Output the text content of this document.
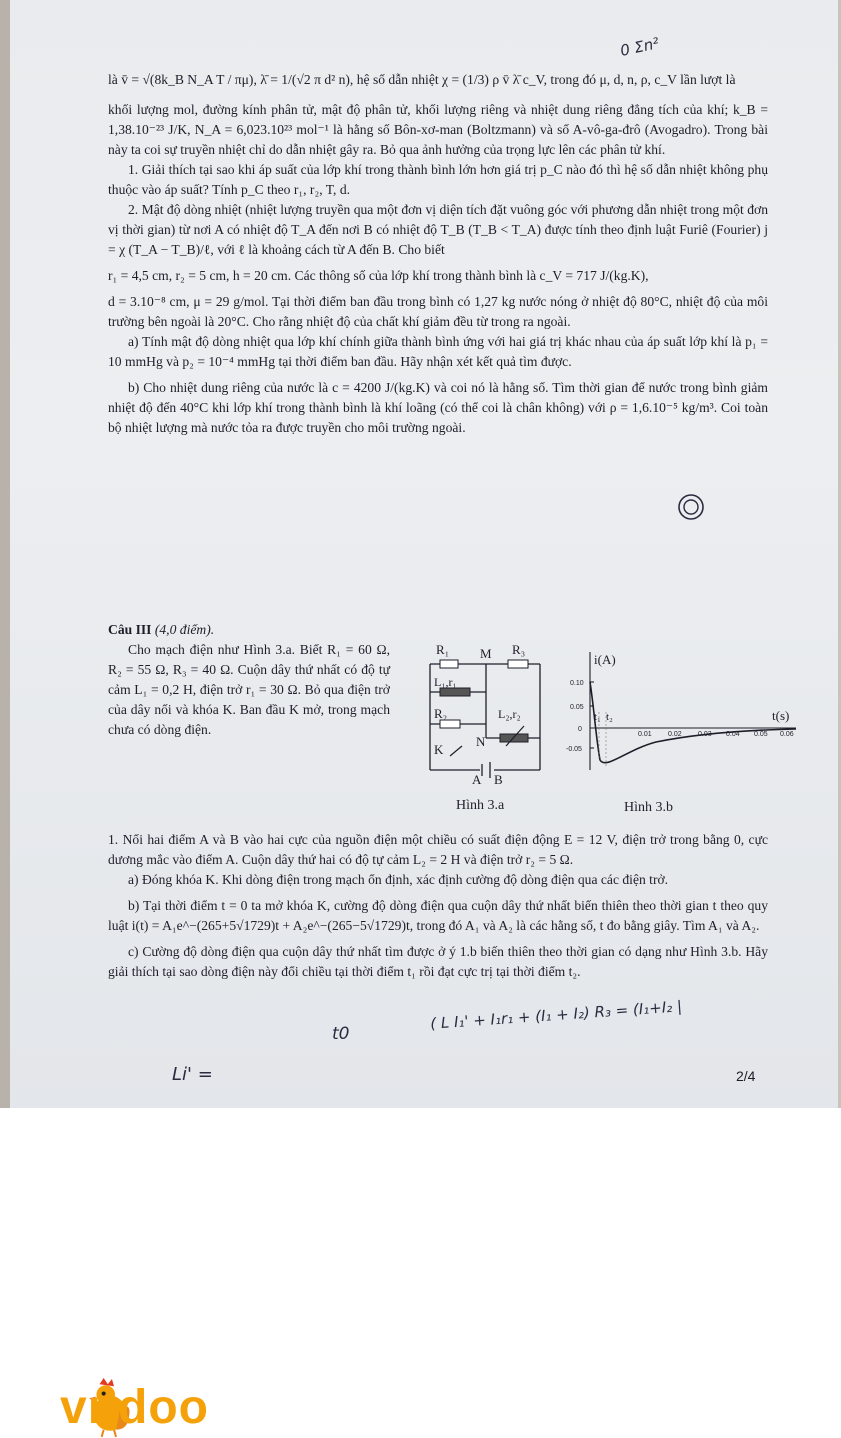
0 Σn²

là v̄ = √(8k_B N_A T / πμ), λ̄ = 1/(√2 π d² n), hệ số dẫn nhiệt χ = (1/3) ρ v̄ λ̄ c_V, trong đó μ, d, n, ρ, c_V lần lượt là

khối lượng mol, đường kính phân tử, mật độ phân tử, khối lượng riêng và nhiệt dung riêng đẳng tích của khí; k_B = 1,38.10⁻²³ J/K, N_A = 6,023.10²³ mol⁻¹ là hằng số Bôn-xơ-man (Boltzmann) và số A-vô-ga-đrô (Avogadro). Trong bài này ta coi sự truyền nhiệt chỉ do dẫn nhiệt gây ra. Bỏ qua ảnh hưởng của trọng lực lên các phân tử khí.

1. Giải thích tại sao khi áp suất của lớp khí trong thành bình lớn hơn giá trị p_C nào đó thì hệ số dẫn nhiệt không phụ thuộc vào áp suất? Tính p_C theo r₁, r₂, T, d.

2. Mật độ dòng nhiệt (nhiệt lượng truyền qua một đơn vị diện tích đặt vuông góc với phương dẫn nhiệt trong một đơn vị thời gian) từ nơi A có nhiệt độ T_A đến nơi B có nhiệt độ T_B (T_B < T_A) được tính theo định luật Furiê (Fourier) j = χ (T_A − T_B)/ℓ, với ℓ là khoảng cách từ A đến B. Cho biết

r₁ = 4,5 cm, r₂ = 5 cm, h = 20 cm. Các thông số của lớp khí trong thành bình là c_V = 717 J/(kg.K),

d = 3.10⁻⁸ cm, μ = 29 g/mol. Tại thời điểm ban đầu trong bình có 1,27 kg nước nóng ở nhiệt độ 80°C, nhiệt độ của môi trường bên ngoài là 20°C. Cho rằng nhiệt độ của chất khí giảm đều từ trong ra ngoài.

a) Tính mật độ dòng nhiệt qua lớp khí chính giữa thành bình ứng với hai giá trị khác nhau của áp suất lớp khí là p₁ = 10 mmHg và p₂ = 10⁻⁴ mmHg tại thời điểm ban đầu. Hãy nhận xét kết quả tìm được.

b) Cho nhiệt dung riêng của nước là c = 4200 J/(kg.K) và coi nó là hằng số. Tìm thời gian để nước trong bình giảm nhiệt độ đến 40°C khi lớp khí trong thành bình là khí loãng (có thể coi là chân không) với ρ = 1,6.10⁻⁵ kg/m³. Coi toàn bộ nhiệt lượng mà nước tỏa ra được truyền cho môi trường ngoài.

Câu III (4,0 điểm).

Cho mạch điện như Hình 3.a. Biết R₁ = 60 Ω, R₂ = 55 Ω, R₃ = 40 Ω. Cuộn dây thứ nhất có độ tự cảm L₁ = 0,2 H, điện trở r₁ = 30 Ω. Bỏ qua điện trở của dây nối và khóa K. Ban đầu K mở, trong mạch chưa có dòng điện.

R₁ M R₃
L₁,r₁
R₂	L₂,r₂
N
K
A B
i(A)
t(s)
0.10
0.05
0
-0.05
0.01 0.02 0.03 0.04 0.05 0.06
t₁ t₂
Hình 3.a	Hình 3.b

1. Nối hai điểm A và B vào hai cực của nguồn điện một chiều có suất điện động E = 12 V, điện trở trong bằng 0, cực dương mắc vào điểm A. Cuộn dây thứ hai có độ tự cảm L₂ = 2 H và điện trở r₂ = 5 Ω.

a) Đóng khóa K. Khi dòng điện trong mạch ổn định, xác định cường độ dòng điện qua các điện trở.

b) Tại thời điểm t = 0 ta mở khóa K, cường độ dòng điện qua cuộn dây thứ nhất biến thiên theo thời gian t theo quy luật i(t) = A₁e^−(265+5√1729)t + A₂e^−(265−5√1729)t, trong đó A₁ và A₂ là các hằng số, t đo bằng giây. Tìm A₁ và A₂.

c) Cường độ dòng điện qua cuộn dây thứ nhất tìm được ở ý 1.b biến thiên theo thời gian có dạng như Hình 3.b. Hãy giải thích tại sao dòng điện này đổi chiều tại thời điểm t₁ rồi đạt cực trị tại thời điểm t₂.

t0
( L I₁' + I₁r₁ + (I₁ + I₂) R₃ = (I₁+I₂ |
Li' =	2/4
vndoo
